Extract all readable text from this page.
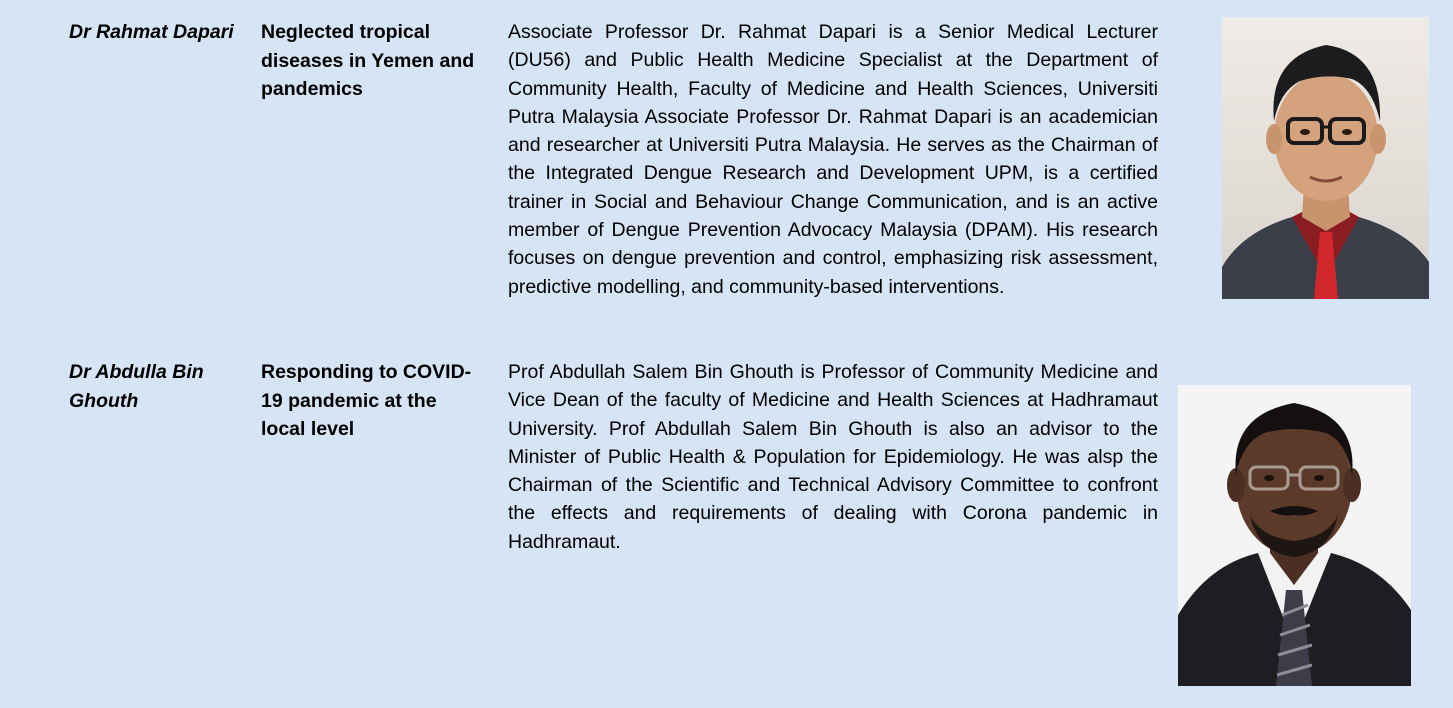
Dr Rahmat Dapari	Neglected tropical diseases in Yemen and pandemics
Associate Professor Dr. Rahmat Dapari is a Senior Medical Lecturer (DU56) and Public Health Medicine Specialist at the Department of Community Health, Faculty of Medicine and Health Sciences, Universiti Putra Malaysia Associate Professor Dr. Rahmat Dapari is an academician and researcher at Universiti Putra Malaysia. He serves as the Chairman of the Integrated Dengue Research and Development UPM, is a certified trainer in Social and Behaviour Change Communication, and is an active member of Dengue Prevention Advocacy Malaysia (DPAM). His research focuses on dengue prevention and control, emphasizing risk assessment, predictive modelling, and community-based interventions.
Dr Abdulla Bin Ghouth
Responding to COVID-19 pandemic at the local level
Prof Abdullah Salem Bin Ghouth is Professor of Community Medicine and Vice Dean of the faculty of Medicine and Health Sciences at Hadhramaut University. Prof Abdullah Salem Bin Ghouth is also an advisor to the Minister of Public Health & Population for Epidemiology. He was alsp the Chairman of the Scientific and Technical Advisory Committee to confront the effects and requirements of dealing with Corona pandemic in Hadhramaut.
